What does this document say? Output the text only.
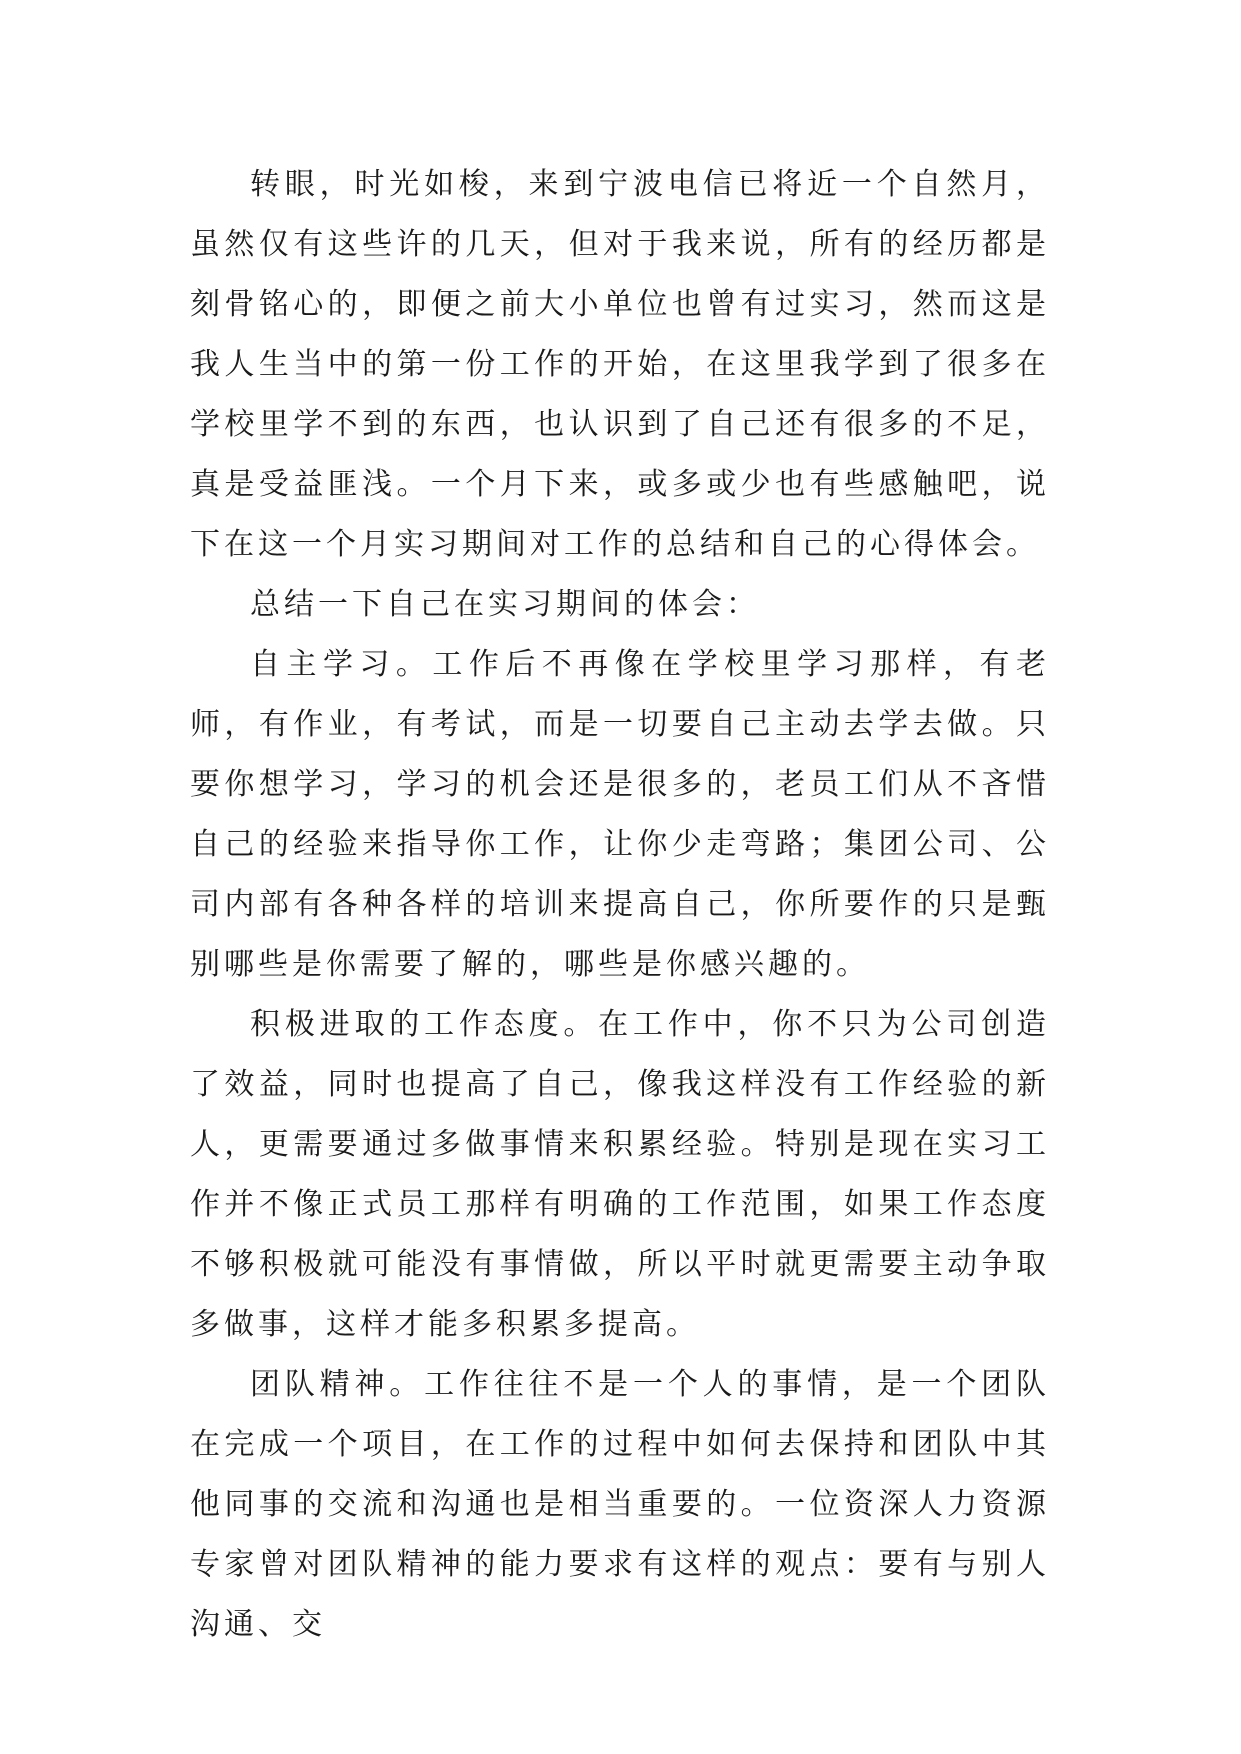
转眼，时光如梭，来到宁波电信已将近一个自然月，虽然仅有这些许的几天，但对于我来说，所有的经历都是刻骨铭心的，即便之前大小单位也曾有过实习，然而这是我人生当中的第一份工作的开始，在这里我学到了很多在学校里学不到的东西，也认识到了自己还有很多的不足，真是受益匪浅。一个月下来，或多或少也有些感触吧，说下在这一个月实习期间对工作的总结和自己的心得体会。

总结一下自己在实习期间的体会：

自主学习。工作后不再像在学校里学习那样，有老师，有作业，有考试，而是一切要自己主动去学去做。只要你想学习，学习的机会还是很多的，老员工们从不吝惜自己的经验来指导你工作，让你少走弯路；集团公司、公司内部有各种各样的培训来提高自己，你所要作的只是甄别哪些是你需要了解的，哪些是你感兴趣的。

积极进取的工作态度。在工作中，你不只为公司创造了效益，同时也提高了自己，像我这样没有工作经验的新人，更需要通过多做事情来积累经验。特别是现在实习工作并不像正式员工那样有明确的工作范围，如果工作态度不够积极就可能没有事情做，所以平时就更需要主动争取多做事，这样才能多积累多提高。

团队精神。工作往往不是一个人的事情，是一个团队在完成一个项目，在工作的过程中如何去保持和团队中其他同事的交流和沟通也是相当重要的。一位资深人力资源专家曾对团队精神的能力要求有这样的观点：要有与别人沟通、交
